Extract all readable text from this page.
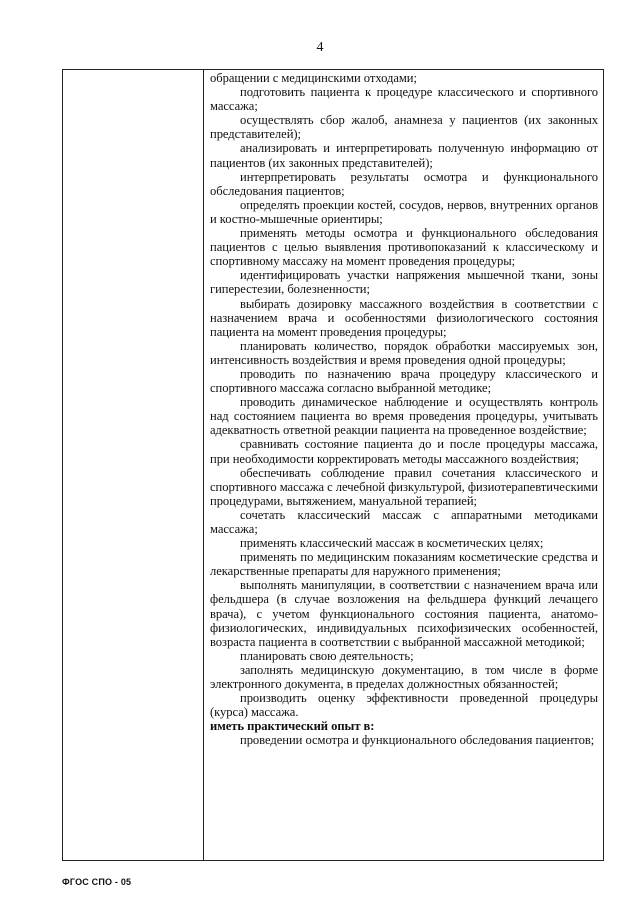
4

обращении с медицинскими отходами;

подготовить пациента к процедуре классического и спортивного массажа;

осуществлять сбор жалоб, анамнеза у пациентов (их законных представителей);

анализировать и интерпретировать полученную информацию от пациентов (их законных представителей);

интерпретировать результаты осмотра и функционального обследования пациентов;

определять проекции костей, сосудов, нервов, внутренних органов и костно-мышечные ориентиры;

применять методы осмотра и функционального обследования пациентов с целью выявления противопоказаний к классическому и спортивному массажу на момент проведения процедуры;

идентифицировать участки напряжения мышечной ткани, зоны гиперестезии, болезненности;

выбирать дозировку массажного воздействия в соответствии с назначением врача и особенностями физиологического состояния пациента на момент проведения процедуры;

планировать количество, порядок обработки массируемых зон, интенсивность воздействия и время проведения одной процедуры;

проводить по назначению врача процедуру классического и спортивного массажа согласно выбранной методике;

проводить динамическое наблюдение и осуществлять контроль над состоянием пациента во время проведения процедуры, учитывать адекватность ответной реакции пациента на проведенное воздействие;

сравнивать состояние пациента до и после процедуры массажа, при необходимости корректировать методы массажного воздействия;

обеспечивать соблюдение правил сочетания классического и спортивного массажа с лечебной физкультурой, физиотерапевтическими процедурами, вытяжением, мануальной терапией;

сочетать классический массаж с аппаратными методиками массажа;

применять классический массаж в косметических целях;

применять по медицинским показаниям косметические средства и лекарственные препараты для наружного применения;

выполнять манипуляции, в соответствии с назначением врача или фельдшера (в случае возложения на фельдшера функций лечащего врача), с учетом функционального состояния пациента, анатомо-физиологических, индивидуальных психофизических особенностей, возраста пациента в соответствии с выбранной массажной методикой;

планировать свою деятельность;

заполнять медицинскую документацию, в том числе в форме электронного документа, в пределах должностных обязанностей;

производить оценку эффективности проведенной процедуры (курса) массажа.

иметь практический опыт в:

проведении осмотра и функционального обследования пациентов;

ФГОС СПО - 05
